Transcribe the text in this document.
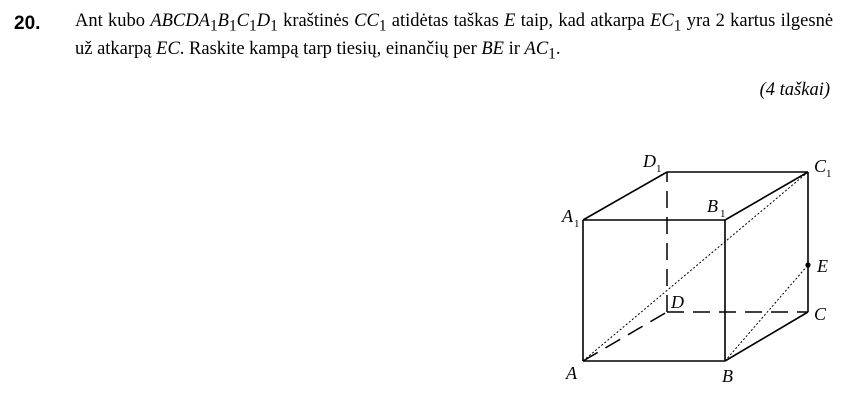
20. Ant kubo $ABCDA_1B_1C_1D_1$ kraštinės $CC_1$ atidėtas taškas E taip, kad atkarpa $EC_1$ yra 2 kartus ilgesnė už atkarpą EC. Raskite kampą tarp tiesių, einančių per BE ir $AC_1$.
(4 taškai)
A	B
C
D
E
A 1
B 1
C 1
D 1
